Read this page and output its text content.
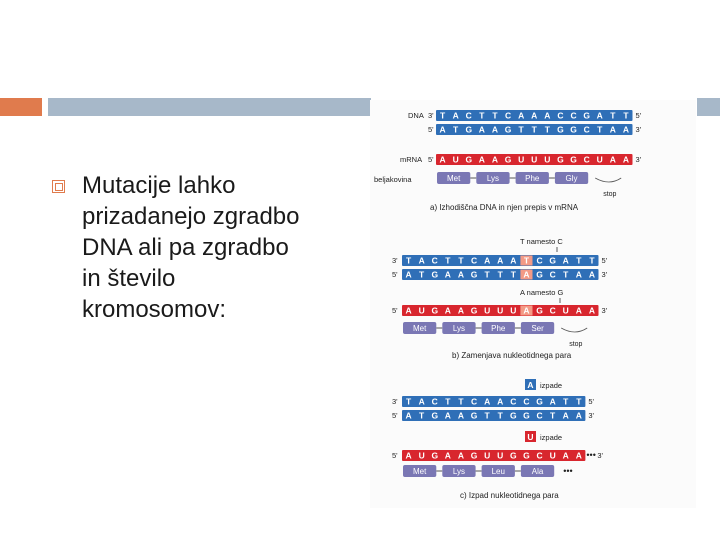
Mutacije lahko
prizadanejo zgradbo
DNA ali pa zgradbo
in število
kromosomov:
DNA 3' T A C T T C A A A C C G A T T 5'
5' A T G A A G T T T G G C T A A 3'
mRNA 5' A U G A A G U U U G G C U A A 3'
beljakovina	Met	Lys	Phe	Gly
stop
a) Izhodiščna DNA in njen prepis v mRNA
T namesto C
3' T A C T T C A A A T C G A T T 5'
5' A T G A A G T T T A G C T A A 3'
A namesto G
5' A U G A A G U U U A G C U A A 3'
Met	Lys	Phe	Ser
stop
b) Zamenjava nukleotidnega para
A izpade
3' T A C T T C A A C C G A T T 5'
5' A T G A A G T T G G C T A A 3'
U izpade
5' A U G A A G U U G G C U A A 3'
•••
Met	Lys	Leu	Ala •••
c) Izpad nukleotidnega para
